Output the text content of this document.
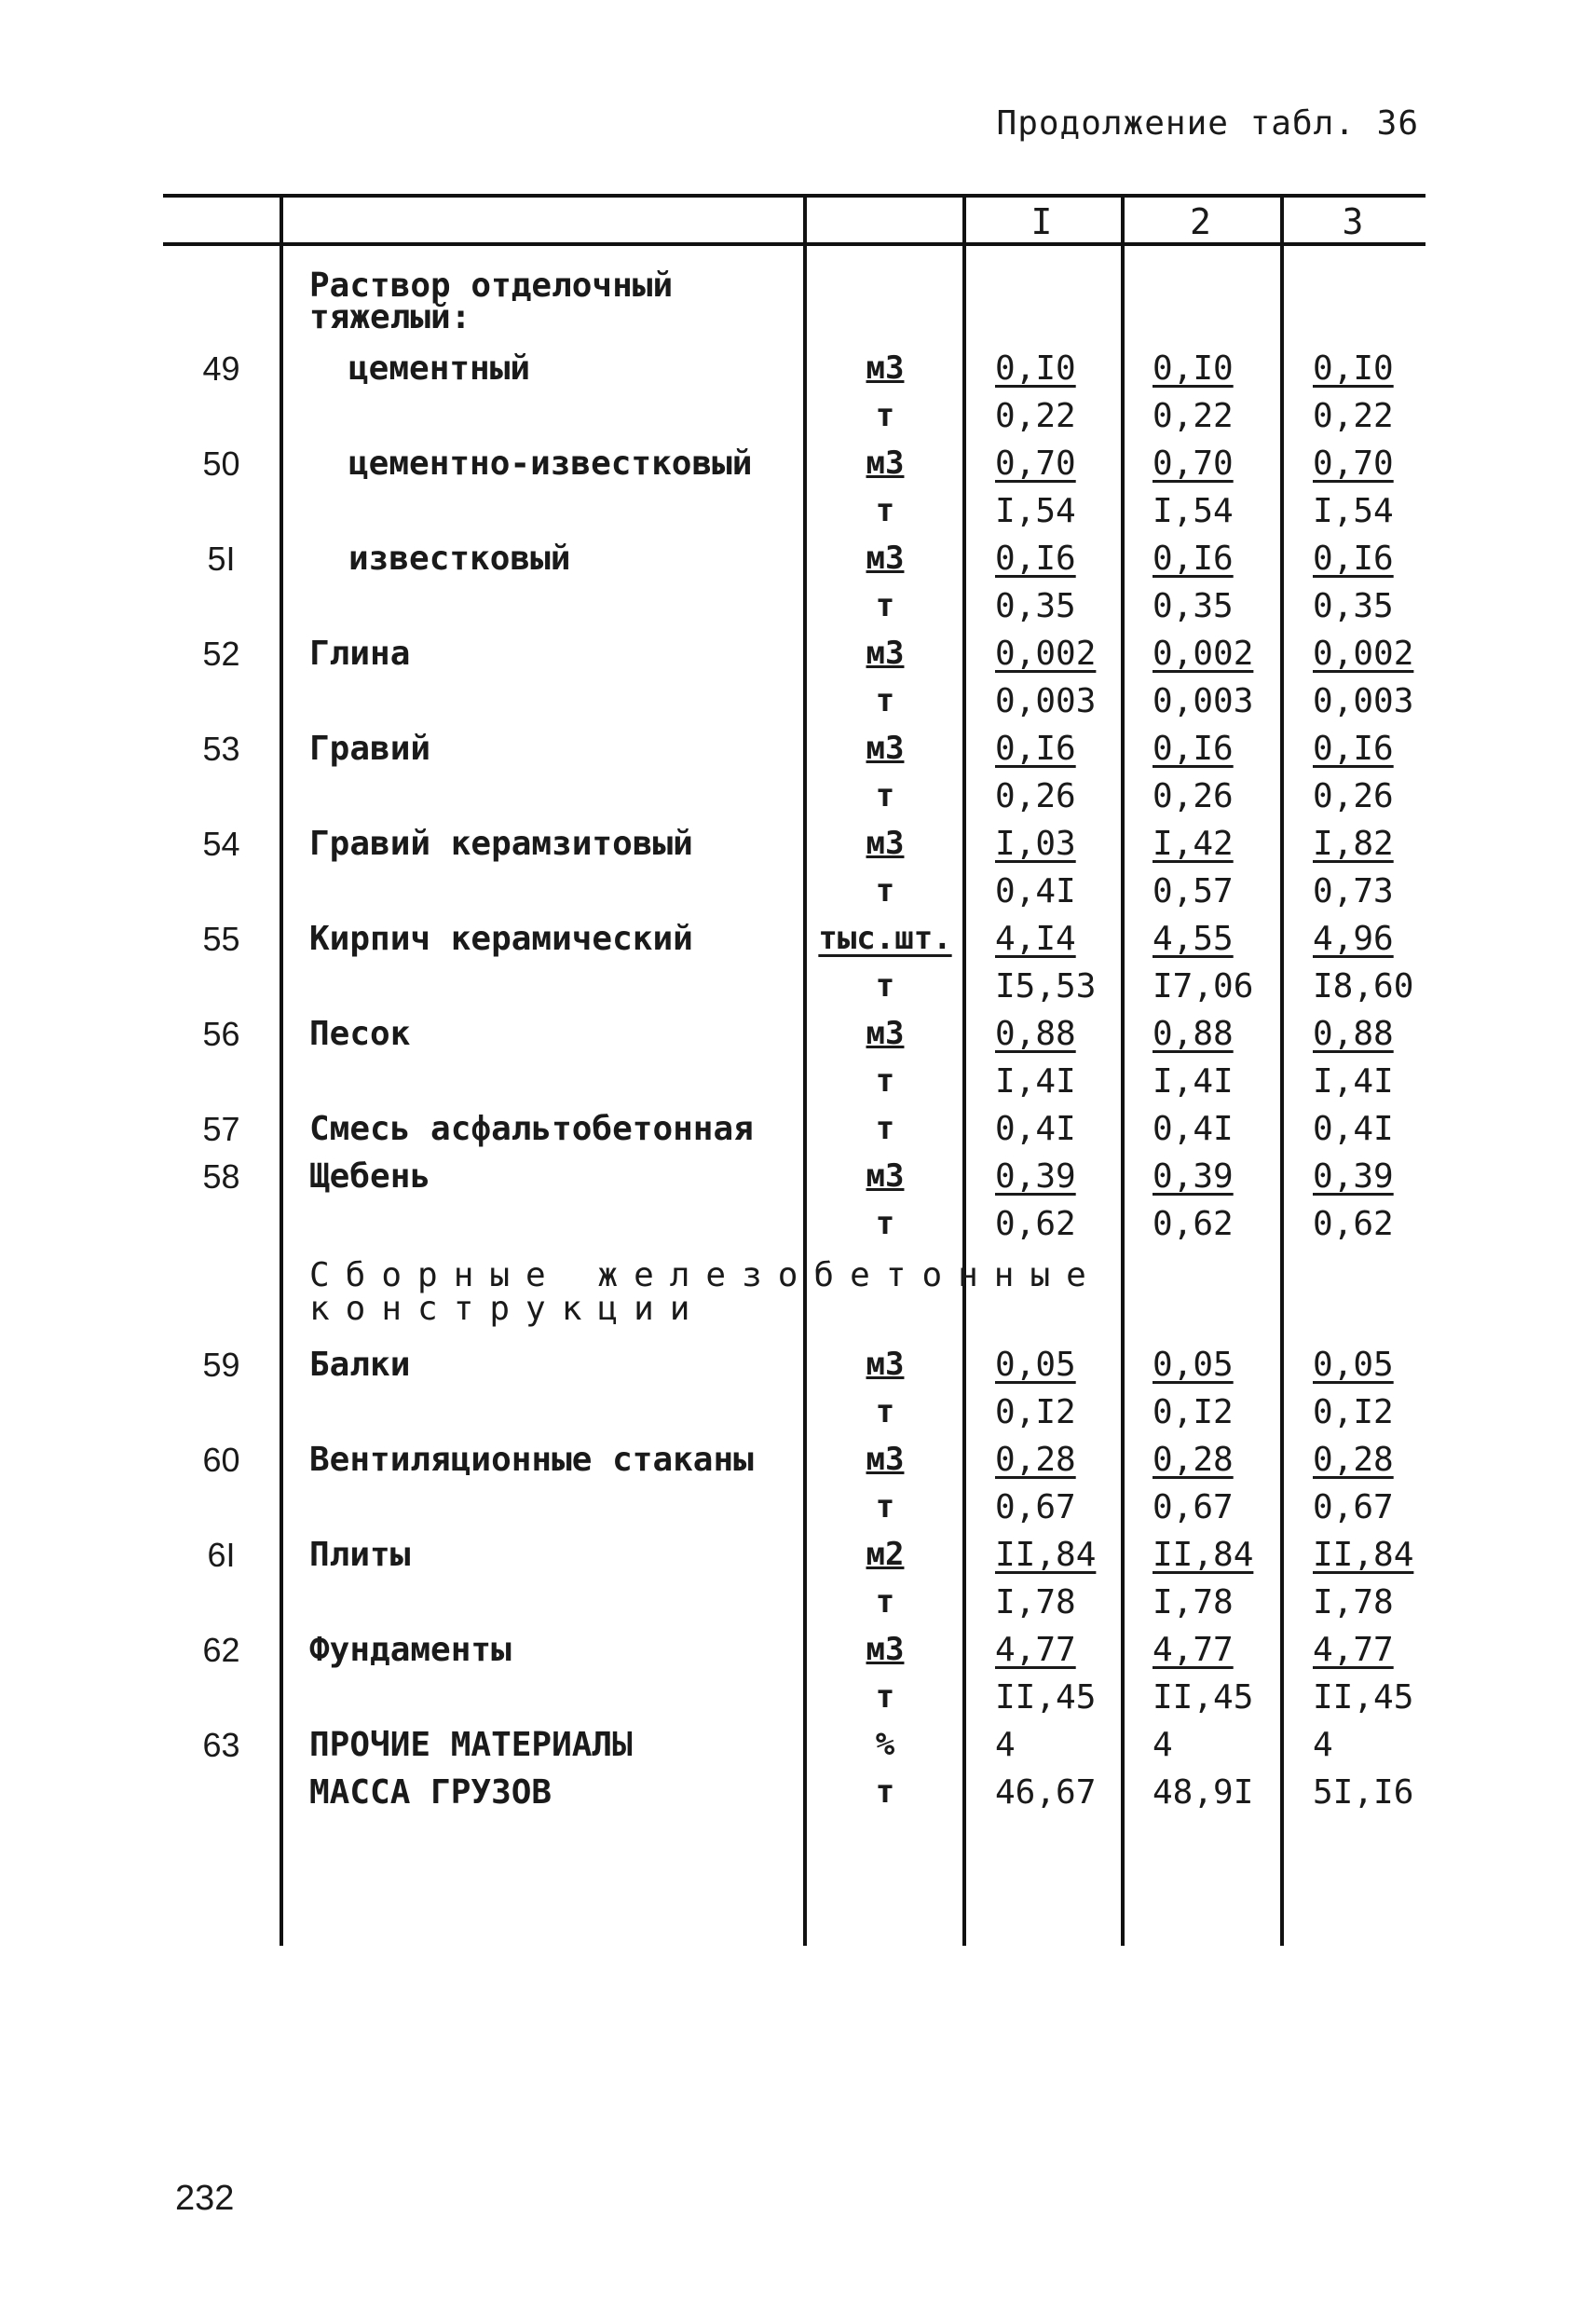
Продолжение табл. 36
I	2	3
Раствор отделочный тяжелый:
49	цементный	м3	0,I0 0,I0 0,I0
т	0,22 0,22 0,22
50	цементно-известковый	м3	0,70 0,70 0,70
т	I,54 I,54 I,54
5I	известковый	м3	0,I6 0,I6 0,I6
т	0,35 0,35 0,35
52	Глина	м3	0,002 0,002 0,002
т	0,003 0,003 0,003
53	Гравий	м3	0,I6 0,I6 0,I6
т	0,26 0,26 0,26
54	Гравий керамзитовый	м3	I,03 I,42 I,82
т	0,4I 0,57 0,73
55	Кирпич керамический	тыс.шт. 4,I4 4,55 4,96
т	I5,53 I7,06 I8,60
56	Песок	м3	0,88 0,88 0,88
т	I,4I I,4I I,4I
57	Смесь асфальтобетонная	т	0,4I 0,4I 0,4I
58	Щебень	м3	0,39 0,39 0,39
т	0,62 0,62 0,62
Сборные железобетонные конструкции
59	Балки	м3	0,05 0,05 0,05
т	0,I2 0,I2 0,I2
60	Вентиляционные стаканы	м3	0,28 0,28 0,28
т	0,67 0,67 0,67
6I	Плиты	м2	II,84 II,84 II,84
т	I,78 I,78 I,78
62	Фундаменты	м3	4,77 4,77 4,77
т	II,45 II,45 II,45
63	ПРОЧИЕ МАТЕРИАЛЫ	%	4	4	4
МАССА ГРУЗОВ	т	46,67 48,9I 5I,I6
232
